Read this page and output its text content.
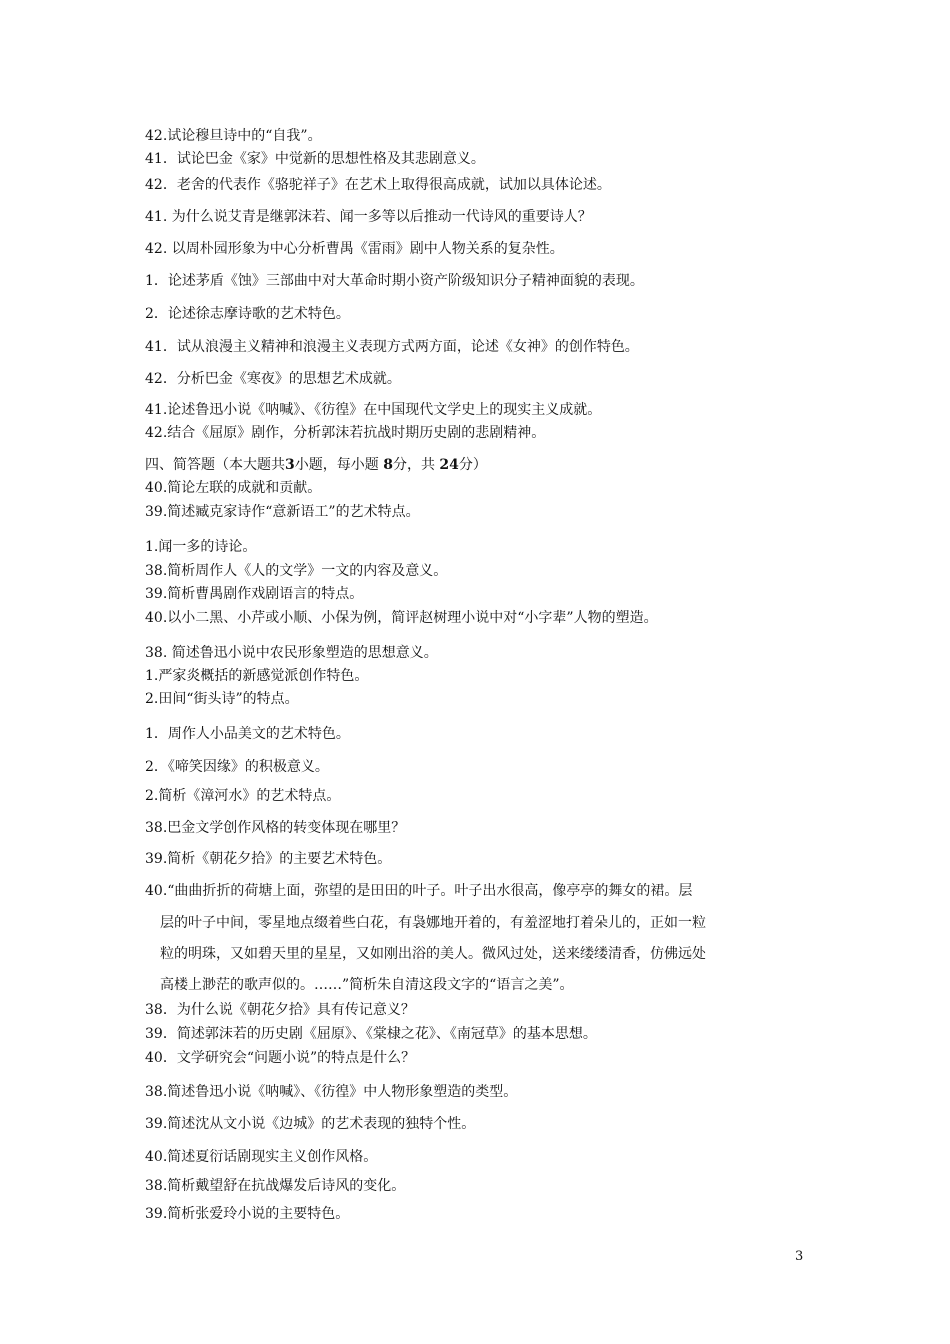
42.试论穆旦诗中的“自我”。
41．试论巴金《家》中觉新的思想性格及其悲剧意义。
42．老舍的代表作《骆驼祥子》在艺术上取得很高成就，试加以具体论述。
41. 为什么说艾青是继郭沫若、闻一多等以后推动一代诗风的重要诗人？
42. 以周朴园形象为中心分析曹禺《雷雨》剧中人物关系的复杂性。
1．论述茅盾《蚀》三部曲中对大革命时期小资产阶级知识分子精神面貌的表现。
2．论述徐志摩诗歌的艺术特色。
41．试从浪漫主义精神和浪漫主义表现方式两方面，论述《女神》的创作特色。
42．分析巴金《寒夜》的思想艺术成就。
41.论述鲁迅小说《呐喊》、《彷徨》在中国现代文学史上的现实主义成就。
42.结合《屈原》剧作，分析郭沫若抗战时期历史剧的悲剧精神。
四、简答题（本大题共3小题，每小题 8分，共 24分）
40.简论左联的成就和贡献。
39.简述臧克家诗作“意新语工”的艺术特点。
1.闻一多的诗论。
38.简析周作人《人的文学》一文的内容及意义。
39.简析曹禺剧作戏剧语言的特点。
40.以小二黑、小芹或小顺、小保为例，简评赵树理小说中对“小字辈”人物的塑造。
38. 简述鲁迅小说中农民形象塑造的思想意义。
1.严家炎概括的新感觉派创作特色。
2.田间“街头诗”的特点。
1．周作人小品美文的艺术特色。
2．《啼笑因缘》的积极意义。
2.简析《漳河水》的艺术特点。
38.巴金文学创作风格的转变体现在哪里？
39.简析《朝花夕拾》的主要艺术特色。
40.“曲曲折折的荷塘上面，弥望的是田田的叶子。叶子出水很高，像亭亭的舞女的裙。层
层的叶子中间，零星地点缀着些白花，有袅娜地开着的，有羞涩地打着朵儿的，正如一粒
粒的明珠，又如碧天里的星星，又如刚出浴的美人。微风过处，送来缕缕清香，仿佛远处
高楼上渺茫的歌声似的。……”简析朱自清这段文字的“语言之美”。
38．为什么说《朝花夕拾》具有传记意义？
39．简述郭沫若的历史剧《屈原》、《棠棣之花》、《南冠草》的基本思想。
40．文学研究会“问题小说”的特点是什么？
38.简述鲁迅小说《呐喊》、《彷徨》中人物形象塑造的类型。
39.简述沈从文小说《边城》的艺术表现的独特个性。
40.简述夏衍话剧现实主义创作风格。
38.简析戴望舒在抗战爆发后诗风的变化。
39.简析张爱玲小说的主要特色。
3
